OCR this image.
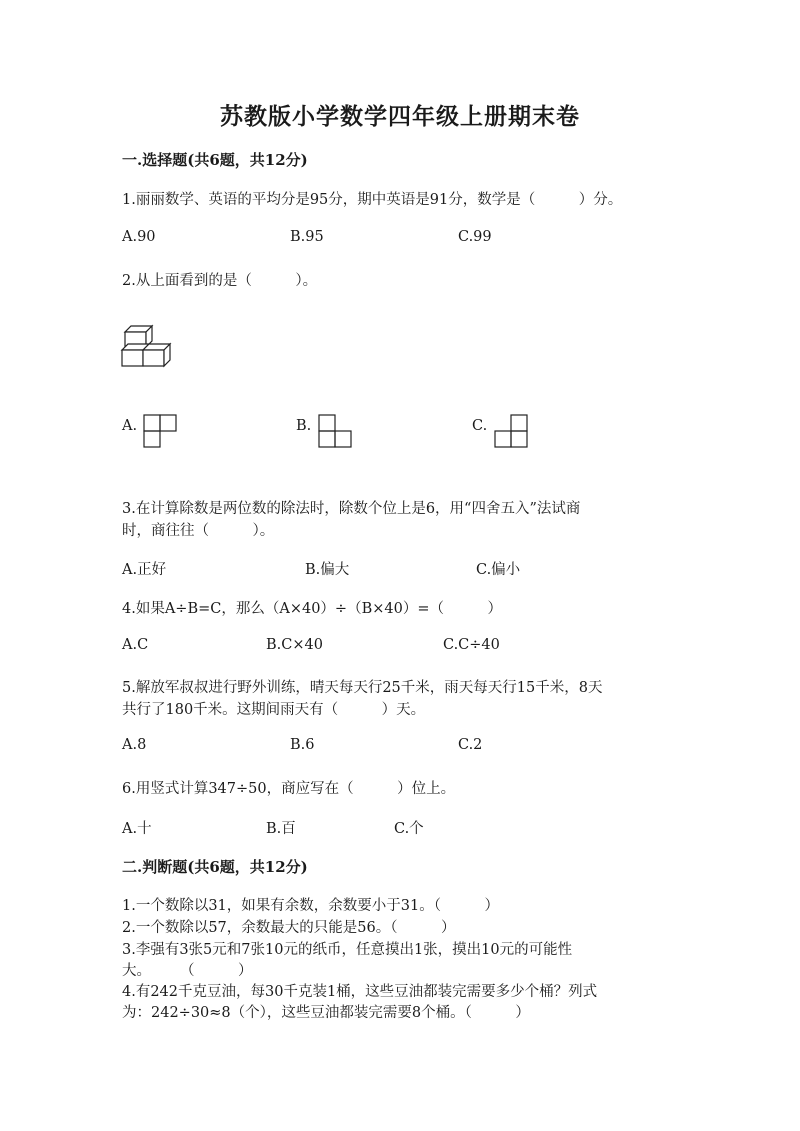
苏教版小学数学四年级上册期末卷
一.选择题(共6题，共12分)
1.丽丽数学、英语的平均分是95分，期中英语是91分，数学是（　　　）分。
A.90	B.95	C.99
2.从上面看到的是（　　　）。
A.	B.	C.
3.在计算除数是两位数的除法时，除数个位上是6，用“四舍五入”法试商
时，商往往（　　　）。
A.正好	B.偏大	C.偏小
4.如果A÷B=C，那么（A×40）÷（B×40）=（　　　）
A.C	B.C×40	C.C÷40
5.解放军叔叔进行野外训练，晴天每天行25千米，雨天每天行15千米，8天
共行了180千米。这期间雨天有（　　　）天。
A.8	B.6	C.2
6.用竖式计算347÷50，商应写在（　　　）位上。
A.十	B.百	C.个
二.判断题(共6题，共12分)
1.一个数除以31，如果有余数，余数要小于31。（　　　）
2.一个数除以57，余数最大的只能是56。（　　　）
3.李强有3张5元和7张10元的纸币，任意摸出1张，摸出10元的可能性
大。　　　（　　　）
4.有242千克豆油，每30千克装1桶，这些豆油都装完需要多少个桶？列式
为：242÷30≈8（个），这些豆油都装完需要8个桶。（　　　）
